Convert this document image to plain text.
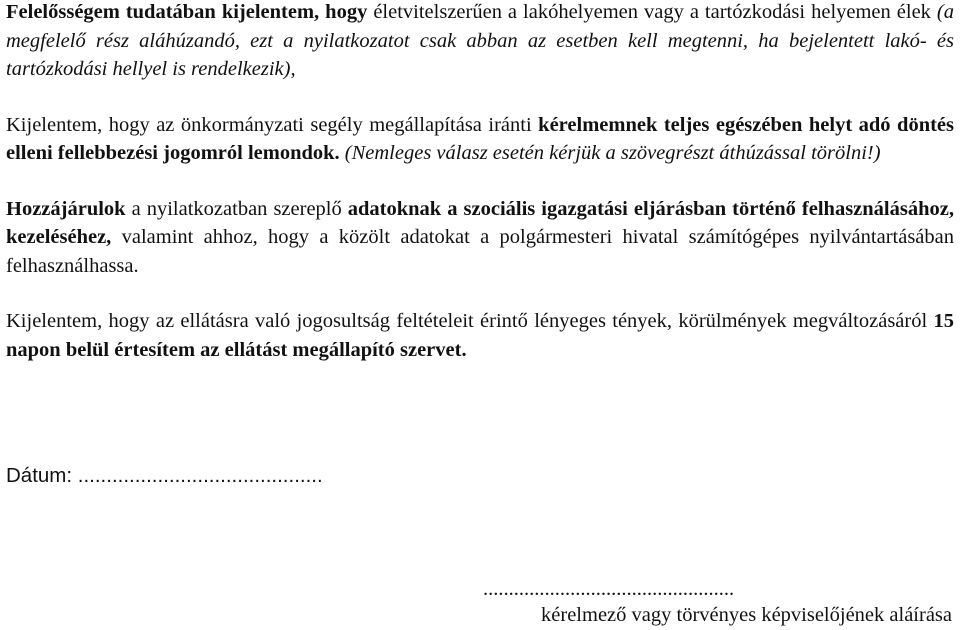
Felelősségem tudatában kijelentem, hogy életvitelszerűen a lakóhelyemen vagy a tartózkodási helyemen élek (a megfelelő rész aláhúzandó, ezt a nyilatkozatot csak abban az esetben kell megtenni, ha bejelentett lakó- és tartózkodási hellyel is rendelkezik),

Kijelentem, hogy az önkormányzati segély megállapítása iránti kérelmemnek teljes egészében helyt adó döntés elleni fellebbezési jogomról lemondok. (Nemleges válasz esetén kérjük a szövegrészt áthúzással törölni!)

Hozzájárulok a nyilatkozatban szereplő adatoknak a szociális igazgatási eljárásban történő felhasználásához, kezeléséhez, valamint ahhoz, hogy a közölt adatokat a polgármesteri hivatal számítógépes nyilvántartásában felhasználhassa.

Kijelentem, hogy az ellátásra való jogosultság feltételeit érintő lényeges tények, körülmények megváltozásáról 15 napon belül értesítem az ellátást megállapító szervet.

Dátum: ...........................................
.................................................
kérelmező vagy törvényes képviselőjének aláírása
